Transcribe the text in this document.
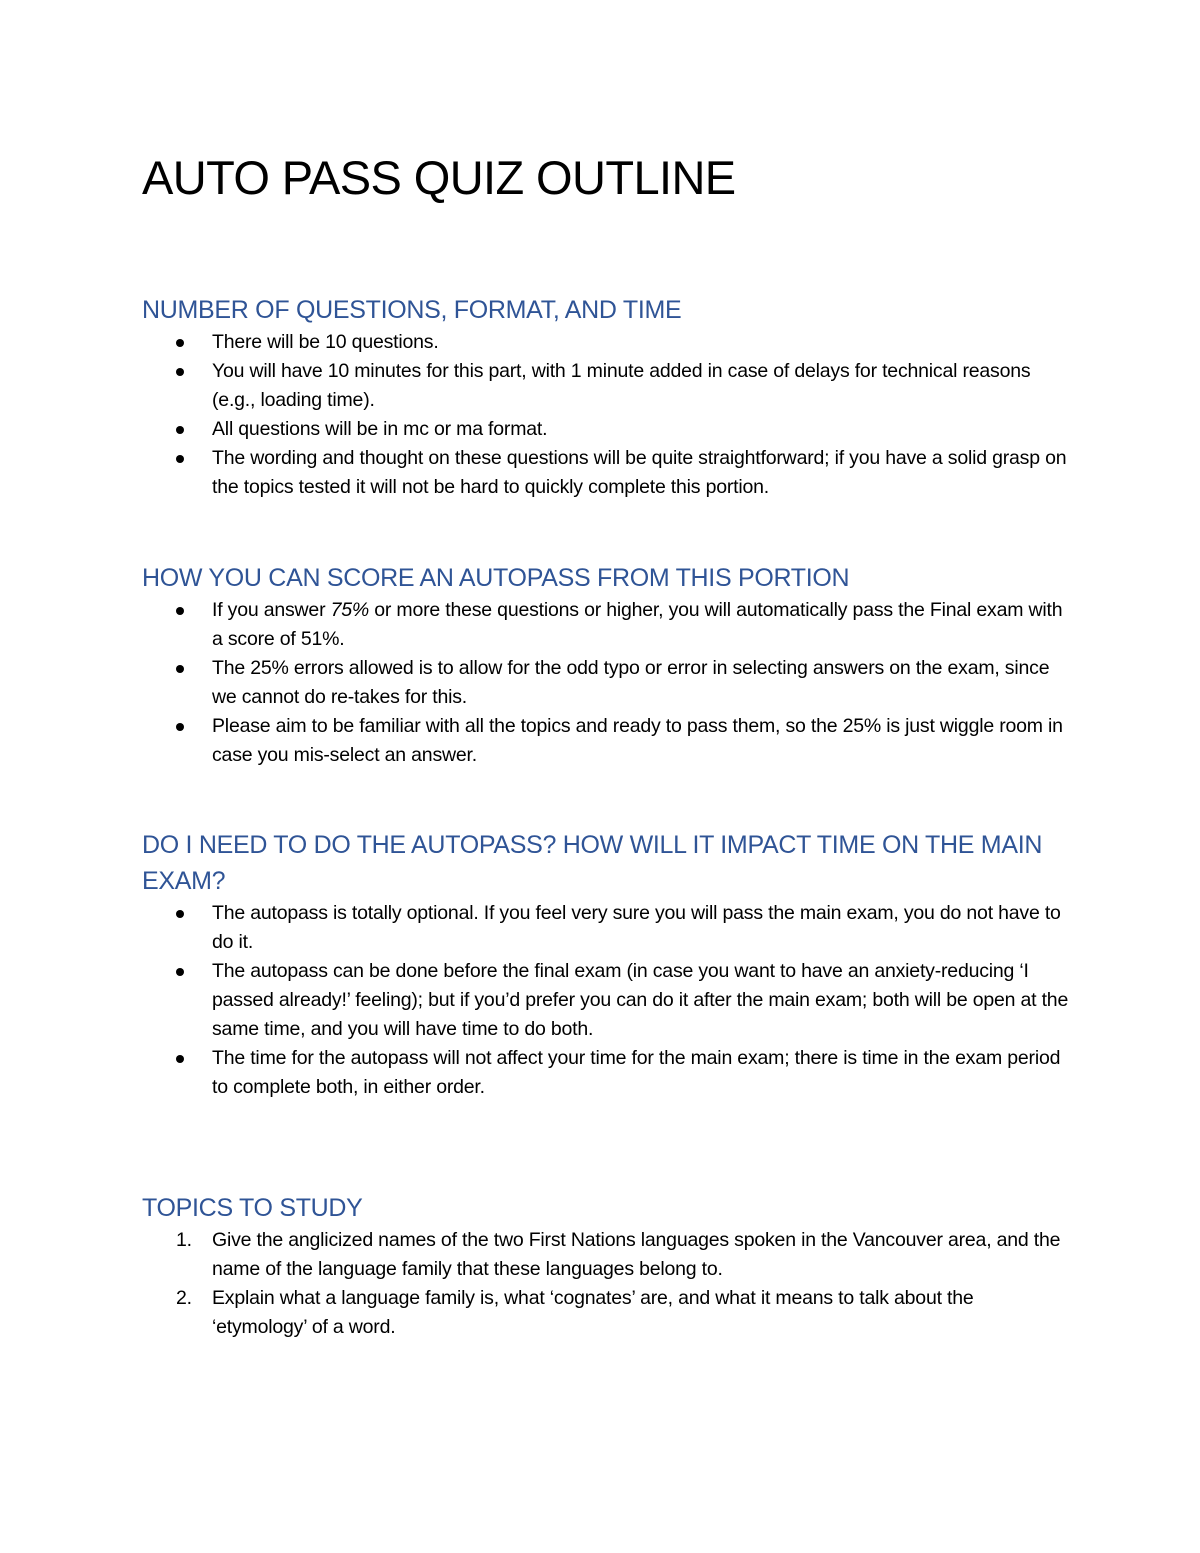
AUTO PASS QUIZ OUTLINE
NUMBER OF QUESTIONS, FORMAT, AND TIME
There will be 10 questions.
You will have 10 minutes for this part, with 1 minute added in case of delays for technical reasons (e.g., loading time).
All questions will be in mc or ma format.
The wording and thought on these questions will be quite straightforward; if you have a solid grasp on the topics tested it will not be hard to quickly complete this portion.
HOW YOU CAN SCORE AN AUTOPASS FROM THIS PORTION
If you answer 75% or more these questions or higher, you will automatically pass the Final exam with a score of 51%.
The 25% errors allowed is to allow for the odd typo or error in selecting answers on the exam, since we cannot do re-takes for this.
Please aim to be familiar with all the topics and ready to pass them, so the 25% is just wiggle room in case you mis-select an answer.
DO I NEED TO DO THE AUTOPASS? HOW WILL IT IMPACT TIME ON THE MAIN EXAM?
The autopass is totally optional. If you feel very sure you will pass the main exam, you do not have to do it.
The autopass can be done before the final exam (in case you want to have an anxiety-reducing ‘I passed already!’ feeling); but if you’d prefer you can do it after the main exam; both will be open at the same time, and you will have time to do both.
The time for the autopass will not affect your time for the main exam; there is time in the exam period to complete both, in either order.
TOPICS TO STUDY
1.	Give the anglicized names of the two First Nations languages spoken in the Vancouver area, and the name of the language family that these languages belong to.
2.	Explain what a language family is, what ‘cognates’ are, and what it means to talk about the ‘etymology’ of a word.
